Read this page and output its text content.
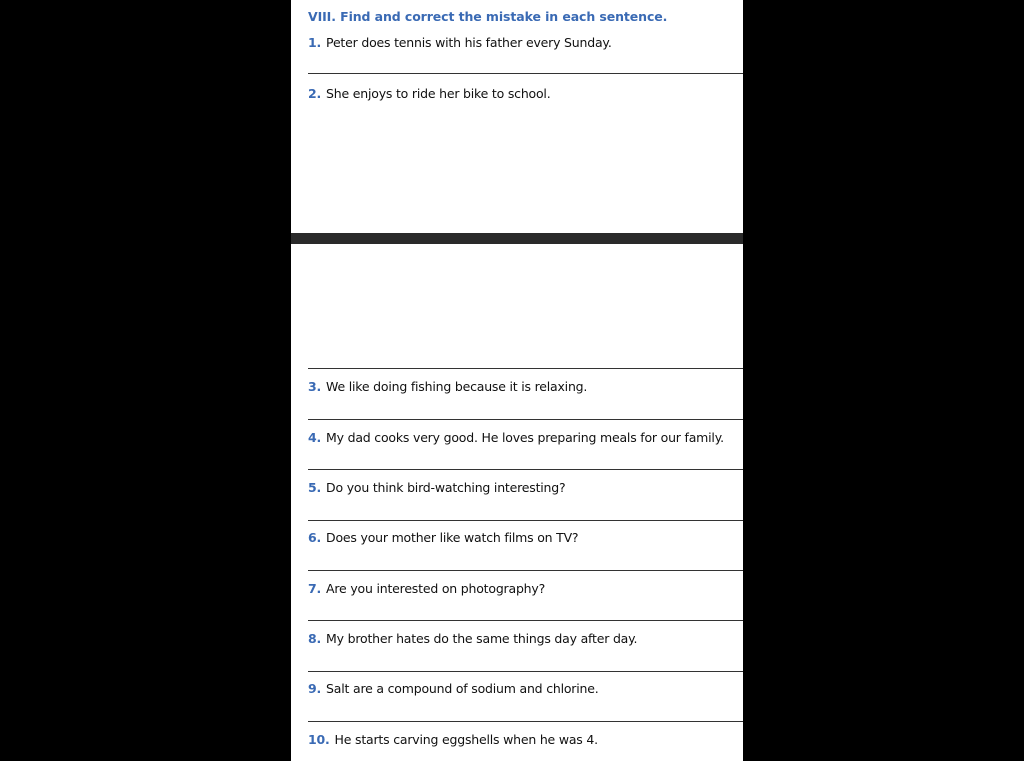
VIII. Find and correct the mistake in each sentence.
1. Peter does tennis with his father every Sunday.
2. She enjoys to ride her bike to school.
3. We like doing fishing because it is relaxing.
4. My dad cooks very good. He loves preparing meals for our family.
5. Do you think bird-watching interesting?
6. Does your mother like watch films on TV?
7. Are you interested on photography?
8. My brother hates do the same things day after day.
9. Salt are a compound of sodium and chlorine.
10. He starts carving eggshells when he was 4.
